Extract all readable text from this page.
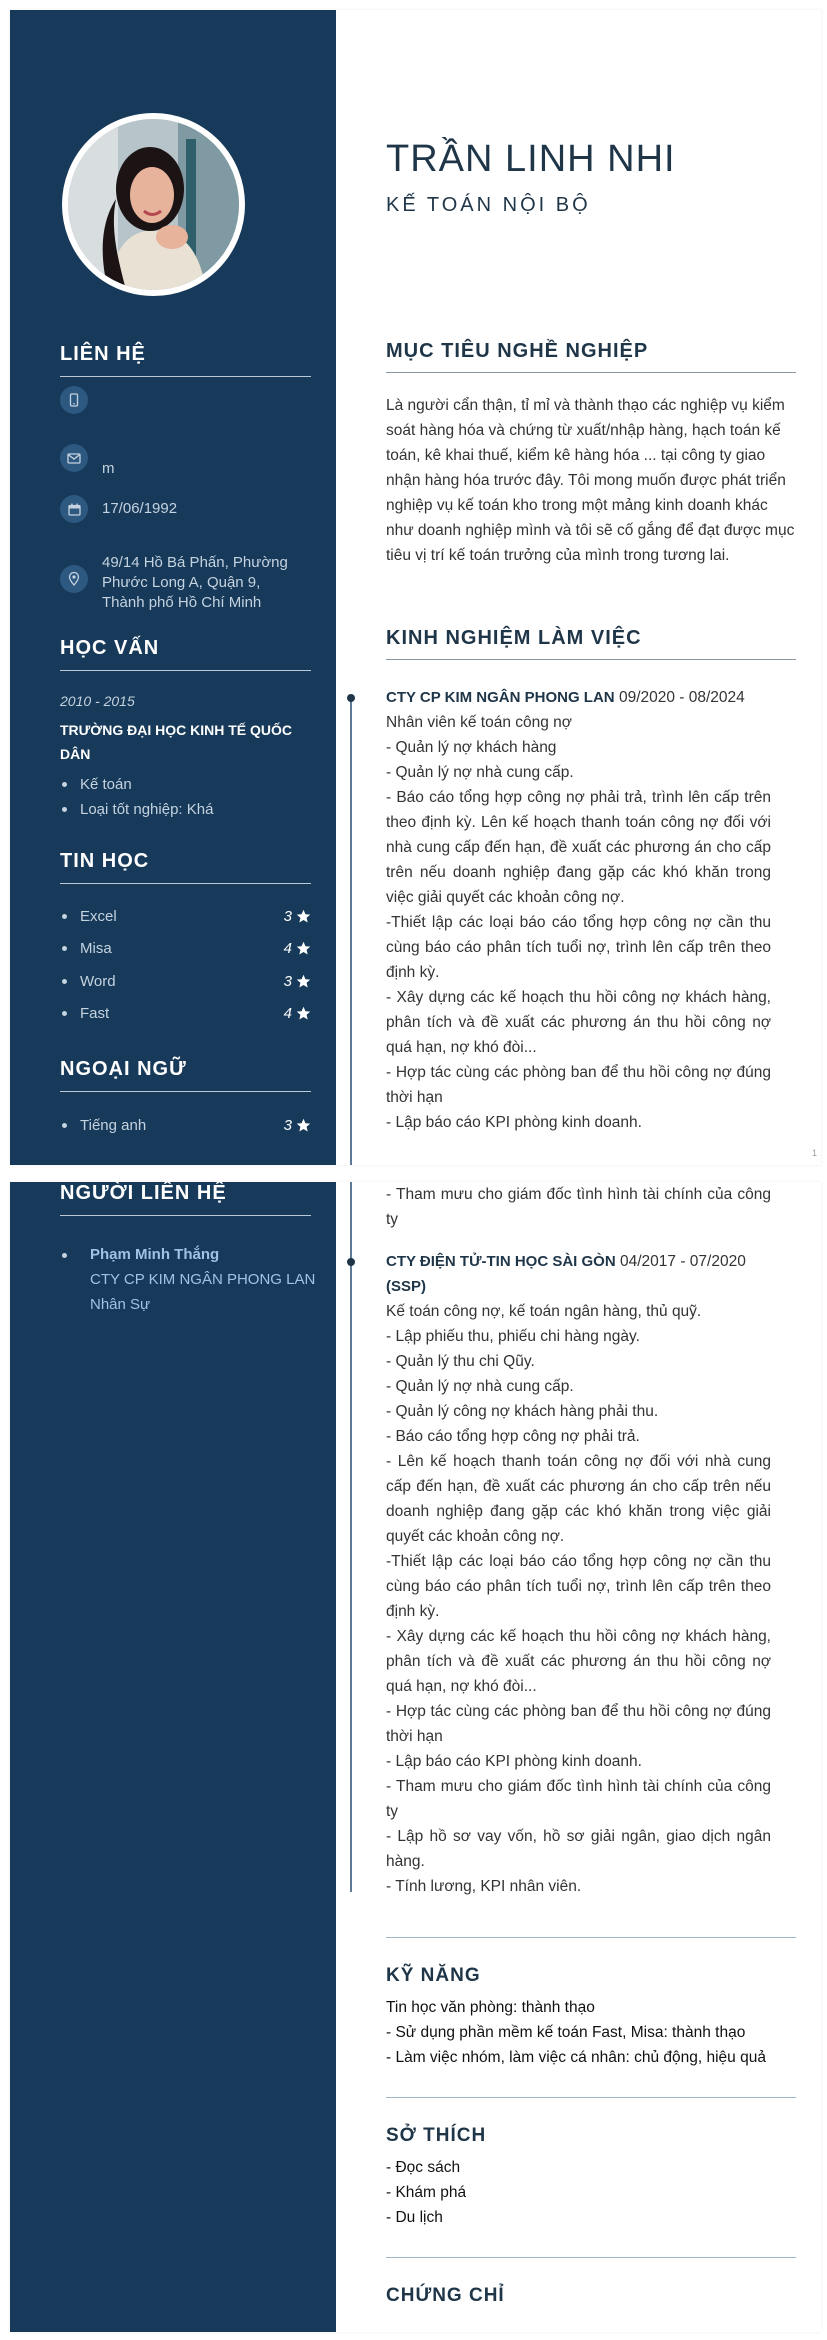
LIÊN HỆ
m
17/06/1992
49/14 Hồ Bá Phấn, Phường
Phước Long A, Quận 9,
Thành phố Hồ Chí Minh
HỌC VẤN
2010 - 2015
TRƯỜNG ĐẠI HỌC KINH TẾ QUỐC DÂN
Kế toán
Loại tốt nghiệp: Khá
TIN HỌC
Excel	3
Misa	4
Word	3
Fast	4
NGOẠI NGỮ
Tiếng anh	3
TRẦN LINH NHI
KẾ TOÁN NỘI BỘ
MỤC TIÊU NGHỀ NGHIỆP
Là người cẩn thận, tỉ mỉ và thành thạo các nghiệp vụ kiểm soát hàng hóa và chứng từ xuất/nhập hàng, hạch toán kế toán, kê khai thuế, kiểm kê hàng hóa ... tại công ty giao nhận hàng hóa trước đây. Tôi mong muốn được phát triển nghiệp vụ kế toán kho trong một mảng kinh doanh khác như doanh nghiệp mình và tôi sẽ cố gắng để đạt được mục tiêu vị trí kế toán trưởng của mình trong tương lai.
KINH NGHIỆM LÀM VIỆC
CTY CP KIM NGÂN PHONG LAN 09/2020 - 08/2024
Nhân viên kế toán công nợ
- Quản lý nợ khách hàng
- Quản lý nợ nhà cung cấp.
- Báo cáo tổng hợp công nợ phải trả, trình lên cấp trên theo định kỳ. Lên kế hoạch thanh toán công nợ đối với nhà cung cấp đến hạn, đề xuất các phương án cho cấp trên nếu doanh nghiệp đang gặp các khó khăn trong việc giải quyết các khoản công nợ.
-Thiết lập các loại báo cáo tổng hợp công nợ cần thu cùng báo cáo phân tích tuổi nợ, trình lên cấp trên theo định kỳ.
- Xây dựng các kế hoạch thu hồi công nợ khách hàng, phân tích và đề xuất các phương án thu hồi công nợ quá hạn, nợ khó đòi...
- Hợp tác cùng các phòng ban để thu hồi công nợ đúng thời hạn
- Lập báo cáo KPI phòng kinh doanh.
1
NGƯỜI LIÊN HỆ
Phạm Minh Thắng
CTY CP KIM NGÂN PHONG LAN
Nhân Sự
- Tham mưu cho giám đốc tình hình tài chính của công ty
CTY ĐIỆN TỬ-TIN HỌC SÀI GÒN 04/2017 - 07/2020
(SSP)
Kế toán công nợ, kế toán ngân hàng, thủ quỹ.
- Lập phiếu thu, phiếu chi hàng ngày.
- Quản lý thu chi Qũy.
- Quản lý nợ nhà cung cấp.
- Quản lý công nợ khách hàng phải thu.
- Báo cáo tổng hợp công nợ phải trả.
- Lên kế hoạch thanh toán công nợ đối với nhà cung cấp đến hạn, đề xuất các phương án cho cấp trên nếu doanh nghiệp đang gặp các khó khăn trong việc giải quyết các khoản công nợ.
-Thiết lập các loại báo cáo tổng hợp công nợ cần thu cùng báo cáo phân tích tuổi nợ, trình lên cấp trên theo định kỳ.
- Xây dựng các kế hoạch thu hồi công nợ khách hàng, phân tích và đề xuất các phương án thu hồi công nợ quá hạn, nợ khó đòi...
- Hợp tác cùng các phòng ban để thu hồi công nợ đúng thời hạn
- Lập báo cáo KPI phòng kinh doanh.
- Tham mưu cho giám đốc tình hình tài chính của công ty
- Lập hồ sơ vay vốn, hồ sơ giải ngân, giao dịch ngân hàng.
- Tính lương, KPI nhân viên.
KỸ NĂNG
Tin học văn phòng: thành thạo
- Sử dụng phần mềm kế toán Fast, Misa: thành thạo
- Làm việc nhóm, làm việc cá nhân: chủ động, hiệu quả
SỞ THÍCH
- Đọc sách
- Khám phá
- Du lịch
CHỨNG CHỈ
